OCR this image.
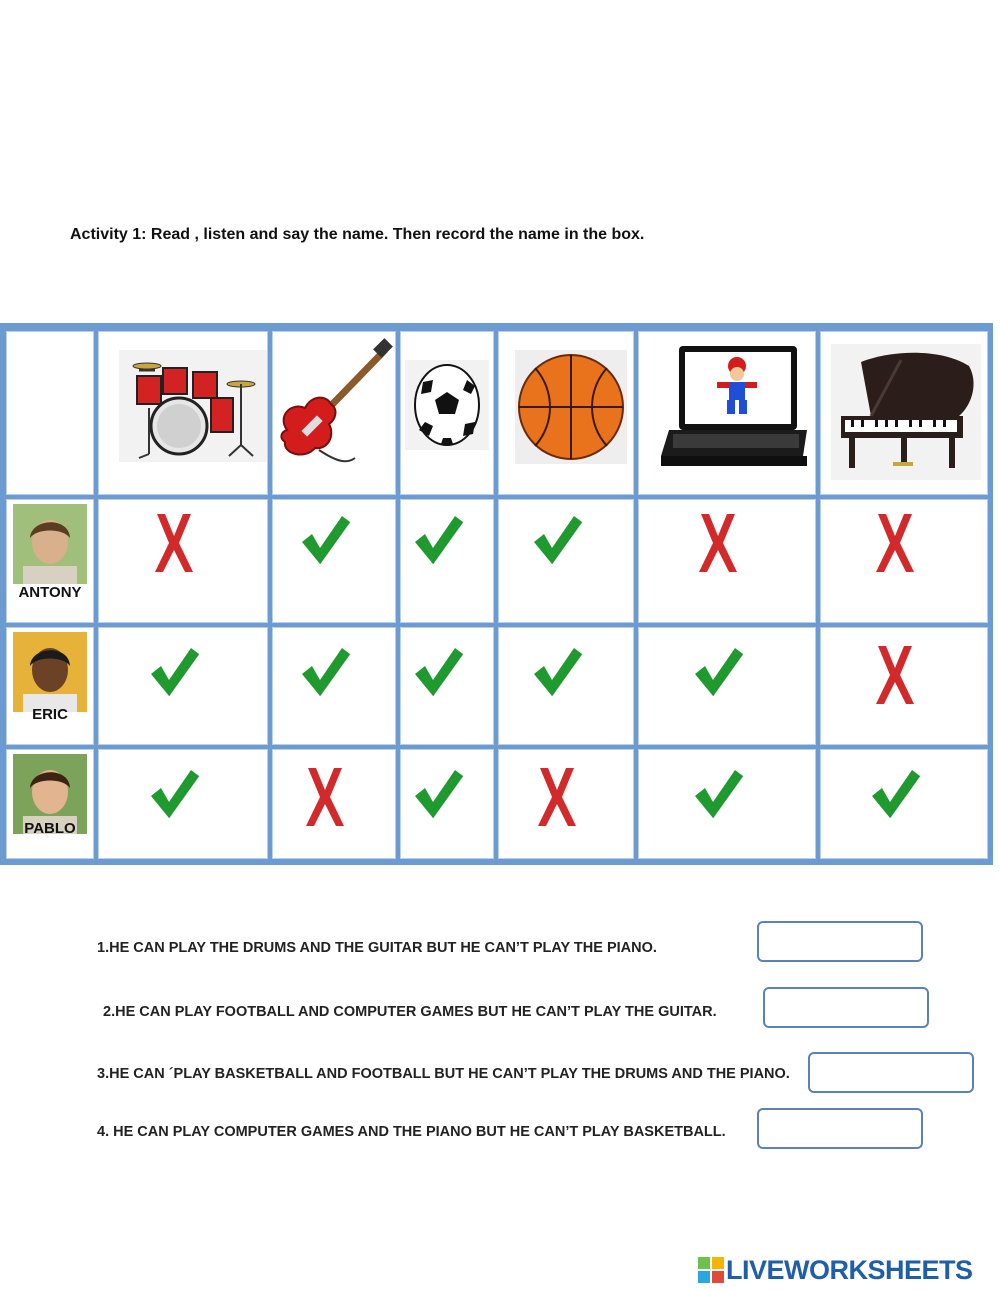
Activity 1: Read , listen and say the name. Then record the name in the box.
ANTONY
ERIC
PABLO
1.HE CAN PLAY THE DRUMS AND THE GUITAR BUT HE CAN’T PLAY THE PIANO.
2.HE CAN PLAY FOOTBALL AND COMPUTER GAMES BUT HE CAN’T PLAY THE GUITAR.
3.HE CAN ´PLAY BASKETBALL AND FOOTBALL BUT HE CAN’T PLAY THE DRUMS AND THE PIANO.
4. HE CAN PLAY COMPUTER GAMES AND THE PIANO BUT HE CAN’T PLAY BASKETBALL.
LIVEWORKSHEETS
